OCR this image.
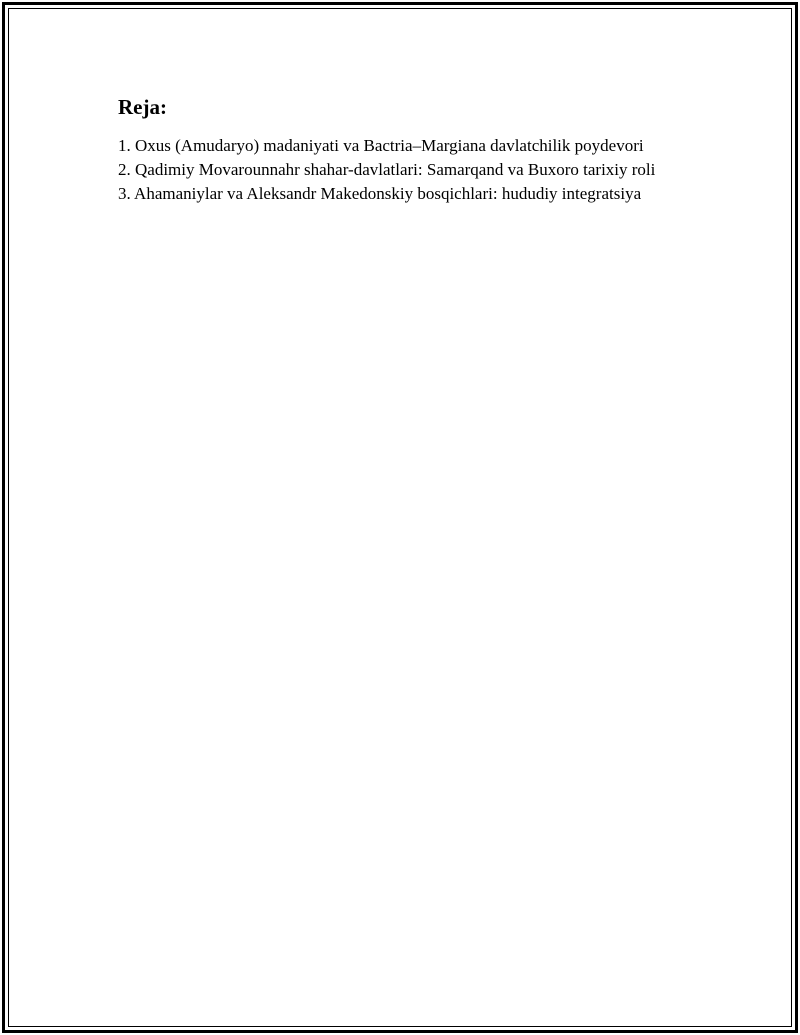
Reja:
1. Oxus (Amudaryo) madaniyati va Bactria–Margiana davlatchilik poydevori
2. Qadimiy Movarounnahr shahar-davlatlari: Samarqand va Buxoro tarixiy roli
3. Ahamaniylar va Aleksandr Makedonskiy bosqichlari: hududiy integratsiya
